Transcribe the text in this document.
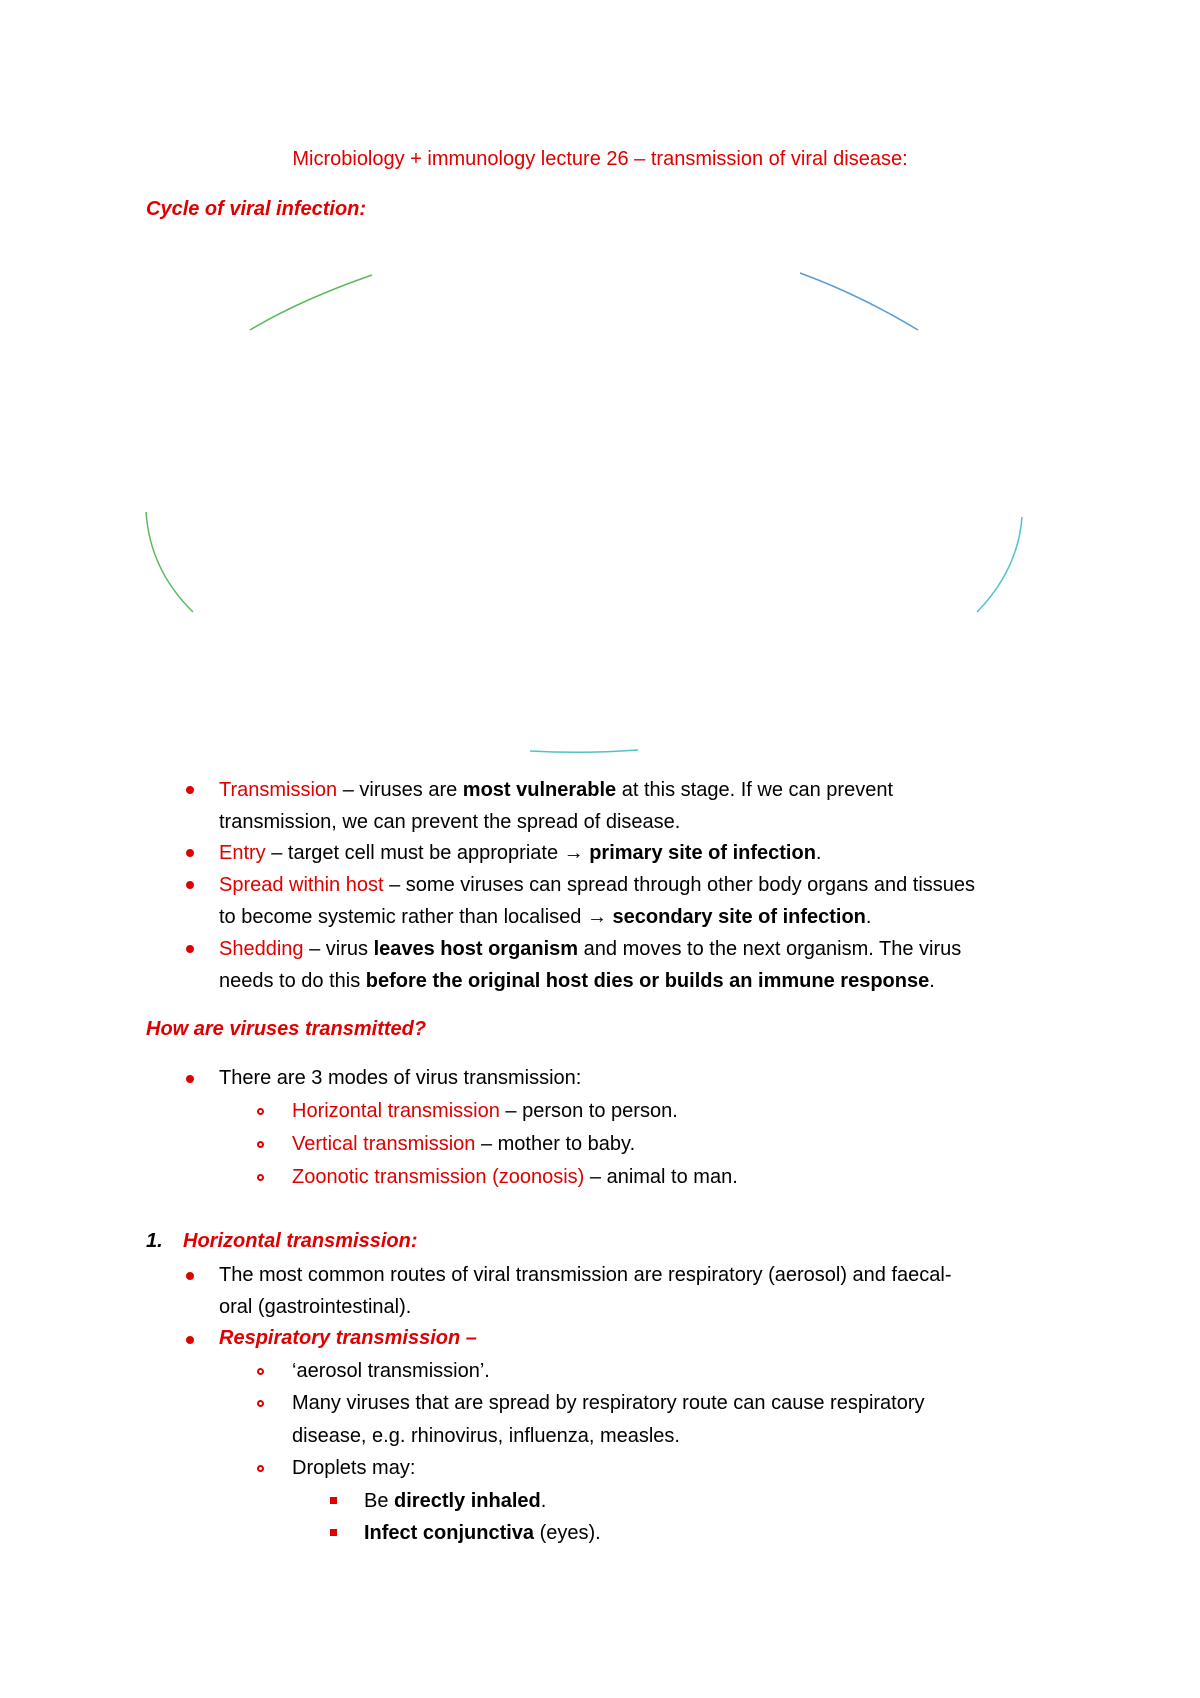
Microbiology + immunology lecture 26 – transmission of viral disease:
Cycle of viral infection:
Transmission – viruses are most vulnerable at this stage. If we can prevent
transmission, we can prevent the spread of disease.
Entry – target cell must be appropriate → primary site of infection.
Spread within host – some viruses can spread through other body organs and tissues
to become systemic rather than localised → secondary site of infection.
Shedding – virus leaves host organism and moves to the next organism. The virus
needs to do this before the original host dies or builds an immune response.
How are viruses transmitted?
There are 3 modes of virus transmission:
Horizontal transmission – person to person.
Vertical transmission – mother to baby.
Zoonotic transmission (zoonosis) – animal to man.
1. Horizontal transmission:
The most common routes of viral transmission are respiratory (aerosol) and faecal-
oral (gastrointestinal).
Respiratory transmission –
‘aerosol transmission’.
Many viruses that are spread by respiratory route can cause respiratory
disease, e.g. rhinovirus, influenza, measles.
Droplets may:
Be directly inhaled.
Infect conjunctiva (eyes).
